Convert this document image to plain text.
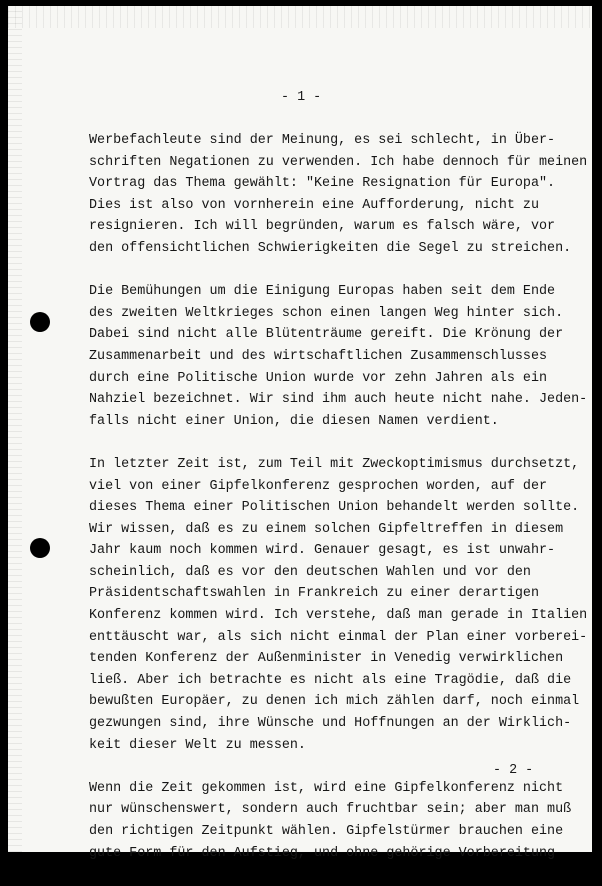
- 1 -
Werbefachleute sind der Meinung, es sei schlecht, in Über-
schriften Negationen zu verwenden. Ich habe dennoch für meinen
Vortrag das Thema gewählt: "Keine Resignation für Europa".
Dies ist also von vornherein eine Aufforderung, nicht zu
resignieren. Ich will begründen, warum es falsch wäre, vor
den offensichtlichen Schwierigkeiten die Segel zu streichen.
Die Bemühungen um die Einigung Europas haben seit dem Ende
des zweiten Weltkrieges schon einen langen Weg hinter sich.
Dabei sind nicht alle Blütenträume gereift. Die Krönung der
Zusammenarbeit und des wirtschaftlichen Zusammenschlusses
durch eine Politische Union wurde vor zehn Jahren als ein
Nahziel bezeichnet. Wir sind ihm auch heute nicht nahe. Jeden-
falls nicht einer Union, die diesen Namen verdient.
In letzter Zeit ist, zum Teil mit Zweckoptimismus durchsetzt,
viel von einer Gipfelkonferenz gesprochen worden, auf der
dieses Thema einer Politischen Union behandelt werden sollte.
Wir wissen, daß es zu einem solchen Gipfeltreffen in diesem
Jahr kaum noch kommen wird. Genauer gesagt, es ist unwahr-
scheinlich, daß es vor den deutschen Wahlen und vor den
Präsidentschaftswahlen in Frankreich zu einer derartigen
Konferenz kommen wird. Ich verstehe, daß man gerade in Italien
enttäuscht war, als sich nicht einmal der Plan einer vorberei-
tenden Konferenz der Außenminister in Venedig verwirklichen
ließ. Aber ich betrachte es nicht als eine Tragödie, daß die
bewußten Europäer, zu denen ich mich zählen darf, noch einmal
gezwungen sind, ihre Wünsche und Hoffnungen an der Wirklich-
keit dieser Welt zu messen.
Wenn die Zeit gekommen ist, wird eine Gipfelkonferenz nicht
nur wünschenswert, sondern auch fruchtbar sein; aber man muß
den richtigen Zeitpunkt wählen. Gipfelstürmer brauchen eine
gute Form für den Aufstieg, und ohne gehörige Vorbereitung
- 2 -
